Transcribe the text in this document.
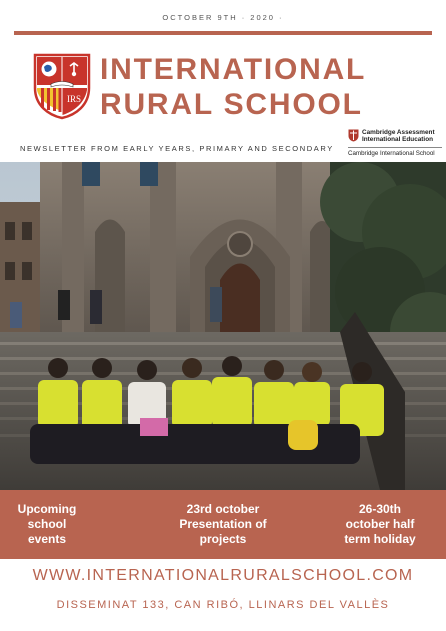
OCTOBER 9TH · 2020 ·
IRS
INTERNATIONAL
RURAL SCHOOL
NEWSLETTER FROM EARLY YEARS, PRIMARY AND SECONDARY
Cambridge Assessment
International Education
Cambridge International School
Upcoming
school
events
23rd october
Presentation of
projects
26-30th
october half
term holiday
WWW.INTERNATIONALRURALSCHOOL.COM
DISSEMINAT 133, CAN RIBÓ, LLINARS DEL VALLÈS
